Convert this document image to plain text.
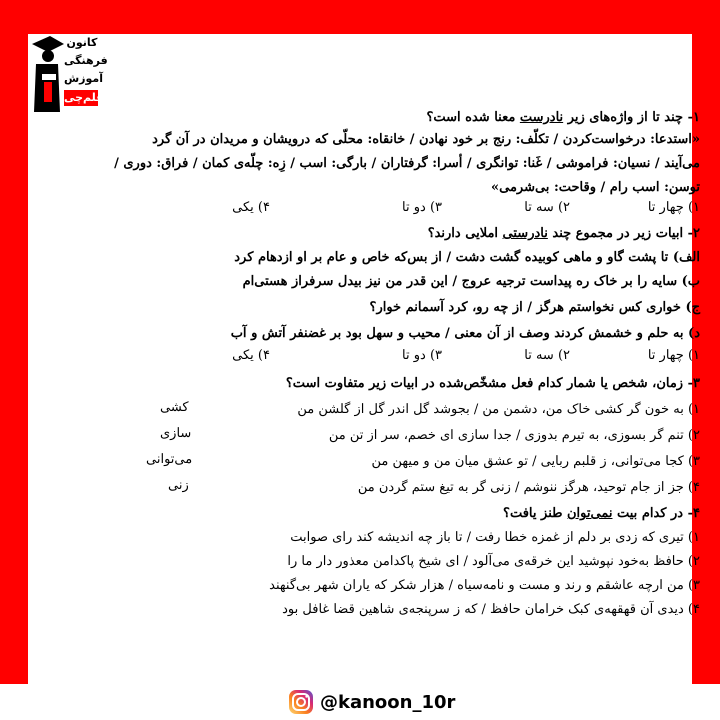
کانون
فرهنگی
آموزش
قلم‌چی
۱- چند تا از واژه‌های زیر نادرست معنا شده است؟
«استدعا: درخواست‌کردن / تکلّف: رنج بر خود نهادن / خانقاه: محلّی که درویشان و مریدان در آن گرد
می‌آیند / نسیان: فراموشی / غَنا: توانگری / أسرا: گرفتاران / بارگی: اسب / زِه: چلّه‌ی کمان / فراق: دوری /
توسن: اسب رام / وقاحت: بی‌شرمی»
۱) چهار تا
۲) سه تا
۳) دو تا
۴) یکی
۲- ابیات زیر در مجموع چند نادرستی املایی دارند؟
الف) تا پشت گاو و ماهی کوبیده گشت دشت / از بس‌که خاص و عام بر او ازدهام کرد
ب) سایه را بر خاک ره پیداست ترجیه عروج / این قدر من نیز بیدل سرفراز هستی‌ام
ج) خواری کس نخواستم هرگز / از چه رو، کرد آسمانم خوار؟
د) به حلم و خشمش کردند وصف از آن معنی / محیب و سهل بود بر غضنفر آتش و آب
۱) چهار تا
۲) سه تا
۳) دو تا
۴) یکی
۳- زمان، شخص یا شمار کدام فعل مشخّص‌شده در ابیات زیر متفاوت است؟
۱) به خون گر کشی خاک من، دشمن من / بجوشد گل اندر گل از گلشن من
کشی
۲) تنم گر بسوزی، به تیرم بدوزی / جدا سازی ای خصم، سر از تن من
سازی
۳) کجا می‌توانی، ز قلبم ربایی / تو عشق میان من و میهن من
می‌توانی
۴) جز از جام توحید، هرگز ننوشم / زنی گر به تیغ ستم گردن من
زنی
۴- در کدام بیت نمی‌توان طنز یافت؟
۱) تیری که زدی بر دلم از غمزه خطا رفت / تا باز چه اندیشه کند رای صوابت
۲) حافظ به‌خود نپوشید این خرقه‌ی می‌آلود / ای شیخ پاکدامن معذور دار ما را
۳) من ارچه عاشقم و رند و مست و نامه‌سیاه / هزار شکر که یاران شهر بی‌گنهند
۴) دیدی آن قهقهه‌ی کبک خرامان حافظ / که ز سرپنجه‌ی شاهین قضا غافل بود
@kanoon_10r
